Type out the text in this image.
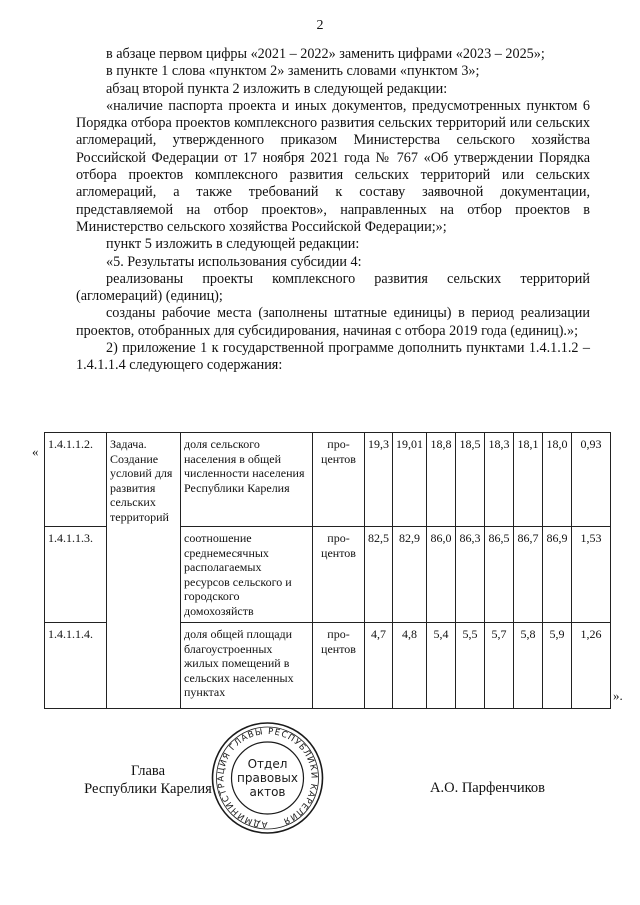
2

в абзаце первом цифры «2021 – 2022» заменить цифрами «2023 – 2025»;

в пункте 1 слова «пунктом 2» заменить словами «пунктом 3»;

абзац второй пункта 2 изложить в следующей редакции:

«наличие паспорта проекта и иных документов, предусмотренных пунктом 6 Порядка отбора проектов комплексного развития сельских территорий или сельских агломераций, утвержденного приказом Министерства сельского хозяйства Российской Федерации от 17 ноября 2021 года № 767 «Об утверждении Порядка отбора проектов комплексного развития сельских территорий или сельских агломераций, а также требований к составу заявочной документации, представляемой на отбор проектов», направленных на отбор проектов в Министерство сельского хозяйства Российской Федерации;»;

пункт 5 изложить в следующей редакции:

«5. Результаты использования субсидии 4:

реализованы проекты комплексного развития сельских территорий (агломераций) (единиц);

созданы рабочие места (заполнены штатные единицы) в период реализации проектов, отобранных для субсидирования, начиная с отбора 2019 года (единиц).»;

2) приложение 1 к государственной программе дополнить пунктами 1.4.1.1.2 – 1.4.1.1.4 следующего содержания:

« 1.4.1.1.2.	Задача. Создание условий для развития сельских территорий	доля сельского населения в общей численности населения Республики Карелия	про-центов	19,3	19,01	18,8	18,5	18,3	18,1	18,0	0,93
1.4.1.1.3.		соотношение среднемесячных располагаемых ресурсов сельского и городского домохозяйств	про-центов	82,5	82,9	86,0	86,3	86,5	86,7	86,9	1,53
1.4.1.1.4.		доля общей площади благоустроенных жилых помещений в сельских населенных пунктах	про-центов	4,7	4,8	5,4	5,5	5,7	5,8	5,9	1,26
».
Глава
Республики Карелия
АДМИНИСТРАЦИЯ ГЛАВЫ РЕСПУБЛИКИ КАРЕЛИЯ
Отдел
правовых
актов	А.О. Парфенчиков
